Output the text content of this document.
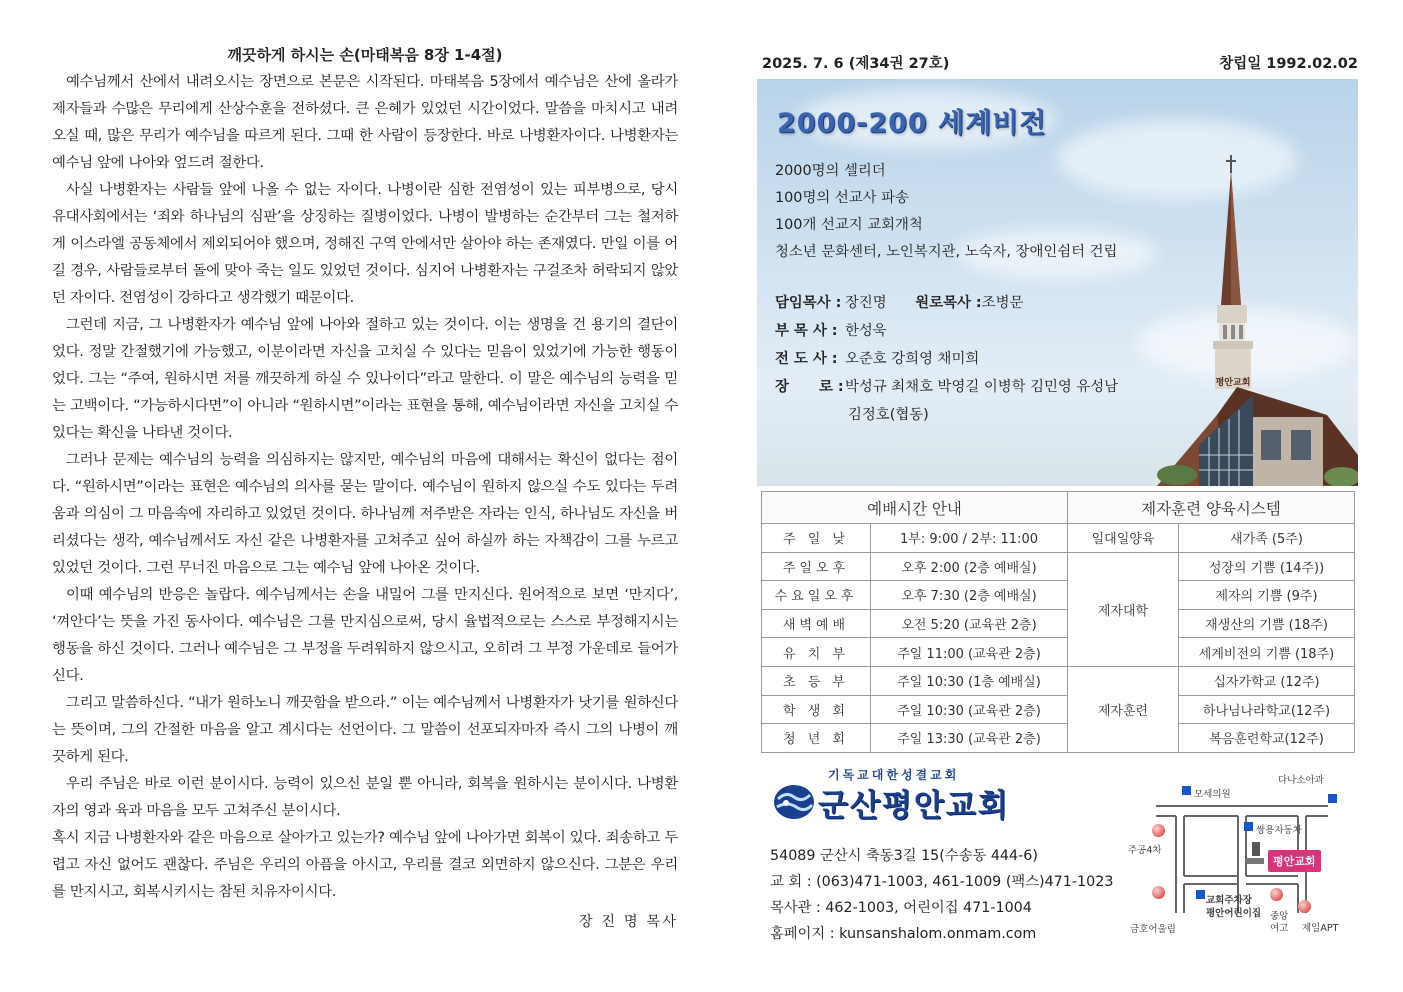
깨끗하게 하시는 손(마태복음 8장 1-4절)

예수님께서 산에서 내려오시는 장면으로 본문은 시작된다. 마태복음 5장에서 예수님은 산에 올라가 제자들과 수많은 무리에게 산상수훈을 전하셨다. 큰 은혜가 있었던 시간이었다. 말씀을 마치시고 내려오실 때, 많은 무리가 예수님을 따르게 된다. 그때 한 사람이 등장한다. 바로 나병환자이다. 나병환자는 예수님 앞에 나아와 엎드려 절한다.

사실 나병환자는 사람들 앞에 나올 수 없는 자이다. 나병이란 심한 전염성이 있는 피부병으로, 당시 유대사회에서는 ‘죄와 하나님의 심판’을 상징하는 질병이었다. 나병이 발병하는 순간부터 그는 철저하게 이스라엘 공동체에서 제외되어야 했으며, 정해진 구역 안에서만 살아야 하는 존재였다. 만일 이를 어길 경우, 사람들로부터 돌에 맞아 죽는 일도 있었던 것이다. 심지어 나병환자는 구걸조차 허락되지 않았던 자이다. 전염성이 강하다고 생각했기 때문이다.

그런데 지금, 그 나병환자가 예수님 앞에 나아와 절하고 있는 것이다. 이는 생명을 건 용기의 결단이었다. 정말 간절했기에 가능했고, 이분이라면 자신을 고치실 수 있다는 믿음이 있었기에 가능한 행동이었다. 그는 “주여, 원하시면 저를 깨끗하게 하실 수 있나이다”라고 말한다. 이 말은 예수님의 능력을 믿는 고백이다. “가능하시다면”이 아니라 “원하시면”이라는 표현을 통해, 예수님이라면 자신을 고치실 수 있다는 확신을 나타낸 것이다.

그러나 문제는 예수님의 능력을 의심하지는 않지만, 예수님의 마음에 대해서는 확신이 없다는 점이다. “원하시면”이라는 표현은 예수님의 의사를 묻는 말이다. 예수님이 원하지 않으실 수도 있다는 두려움과 의심이 그 마음속에 자리하고 있었던 것이다. 하나님께 저주받은 자라는 인식, 하나님도 자신을 버리셨다는 생각, 예수님께서도 자신 같은 나병환자를 고쳐주고 싶어 하실까 하는 자책감이 그를 누르고 있었던 것이다. 그런 무너진 마음으로 그는 예수님 앞에 나아온 것이다.

이때 예수님의 반응은 놀랍다. 예수님께서는 손을 내밀어 그를 만지신다. 원어적으로 보면 ‘만지다’, ‘껴안다’는 뜻을 가진 동사이다. 예수님은 그를 만지심으로써, 당시 율법적으로는 스스로 부정해지시는 행동을 하신 것이다. 그러나 예수님은 그 부정을 두려워하지 않으시고, 오히려 그 부정 가운데로 들어가신다.

그리고 말씀하신다. “내가 원하노니 깨끗함을 받으라.” 이는 예수님께서 나병환자가 낫기를 원하신다는 뜻이며, 그의 간절한 마음을 알고 계시다는 선언이다. 그 말씀이 선포되자마자 즉시 그의 나병이 깨끗하게 된다.

우리 주님은 바로 이런 분이시다. 능력이 있으신 분일 뿐 아니라, 회복을 원하시는 분이시다. 나병환자의 영과 육과 마음을 모두 고쳐주신 분이시다.

혹시 지금 나병환자와 같은 마음으로 살아가고 있는가? 예수님 앞에 나아가면 회복이 있다. 죄송하고 두렵고 자신 없어도 괜찮다. 주님은 우리의 아픔을 아시고, 우리를 결코 외면하지 않으신다. 그분은 우리를 만지시고, 회복시키시는 참된 치유자이시다.

장 진 명 목사
2025. 7. 6 (제34권 27호)	창립일 1992.02.02
2000-200 세계비전
2000명의 셀리더
100명의 선교사 파송
100개 선교지 교회개척
청소년 문화센터, 노인복지관, 노숙자, 장애인쉼터 건립
담임목사 : 장진명 원로목사 :조병문
부 목 사 : 한성욱
전 도 사 : 오준호 강희영 채미희
장      로 :박성규 최채호 박영길 이병학 김민영 유성남
김정호(협동)
평안교회
예배시간 안내		제자훈련 양육시스템	
주 일 낮	1부: 9:00 / 2부: 11:00	일대일양육	새가족 (5주)
주일오후	오후 2:00 (2층 예배실)	제자대학	성장의 기쁨 (14주))
수요일오후	오후 7:30 (2층 예배실)		제자의 기쁨 (9주)
새벽예배	오전 5:20 (교육관 2층)		재생산의 기쁨 (18주)
유 치 부	주일 11:00 (교육관 2층)		세계비전의 기쁨 (18주)
초 등 부	주일 10:30 (1층 예배실)	제자훈련	십자가학교 (12주)
학 생 회	주일 10:30 (교육관 2층)		하나님나라학교(12주)
청 년 회	주일 13:30 (교육관 2층)		복음훈련학교(12주)
기독교대한성결교회
군산평안교회
54089 군산시 축동3길 15(수송동 444-6)
교 회 : (063)471-1003, 461-1009 (팩스)471-1023
목사관 : 462-1003, 어린이집 471-1004
홈페이지 : kunsanshalom.onmam.com
다나소아과
모세의원
쌍용자동차
주공4차
평안교회
교회주차장
평안어린이집
금호어울림
중앙
여고 제일APT
